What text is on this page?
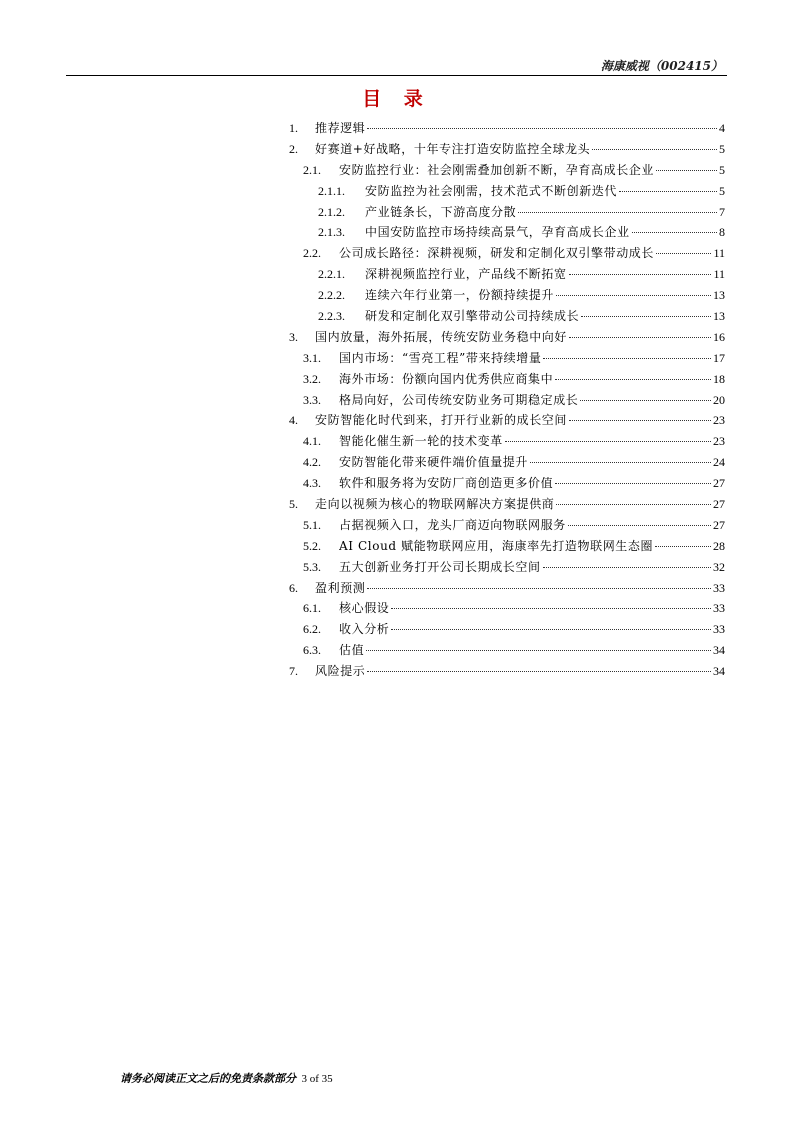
海康威视（002415）
目 录
1.	推荐逻辑	4
2.	好赛道+好战略，十年专注打造安防监控全球龙头	5
2.1.	安防监控行业：社会刚需叠加创新不断，孕育高成长企业	5
2.1.1.	安防监控为社会刚需，技术范式不断创新迭代	5
2.1.2.	产业链条长，下游高度分散	7
2.1.3.	中国安防监控市场持续高景气，孕育高成长企业	8
2.2.	公司成长路径：深耕视频，研发和定制化双引擎带动成长	11
2.2.1.	深耕视频监控行业，产品线不断拓宽	11
2.2.2.	连续六年行业第一，份额持续提升	13
2.2.3.	研发和定制化双引擎带动公司持续成长	13
3.	国内放量，海外拓展，传统安防业务稳中向好	16
3.1.	国内市场：“雪亮工程”带来持续增量	17
3.2.	海外市场：份额向国内优秀供应商集中	18
3.3.	格局向好，公司传统安防业务可期稳定成长	20
4.	安防智能化时代到来，打开行业新的成长空间	23
4.1.	智能化催生新一轮的技术变革	23
4.2.	安防智能化带来硬件端价值量提升	24
4.3.	软件和服务将为安防厂商创造更多价值	27
5.	走向以视频为核心的物联网解决方案提供商	27
5.1.	占据视频入口，龙头厂商迈向物联网服务	27
5.2.	AI Cloud 赋能物联网应用，海康率先打造物联网生态圈	28
5.3.	五大创新业务打开公司长期成长空间	32
6.	盈利预测	33
6.1.	核心假设	33
6.2.	收入分析	33
6.3.	估值	34
7.	风险提示	34
请务必阅读正文之后的免责条款部分 3 of 35
